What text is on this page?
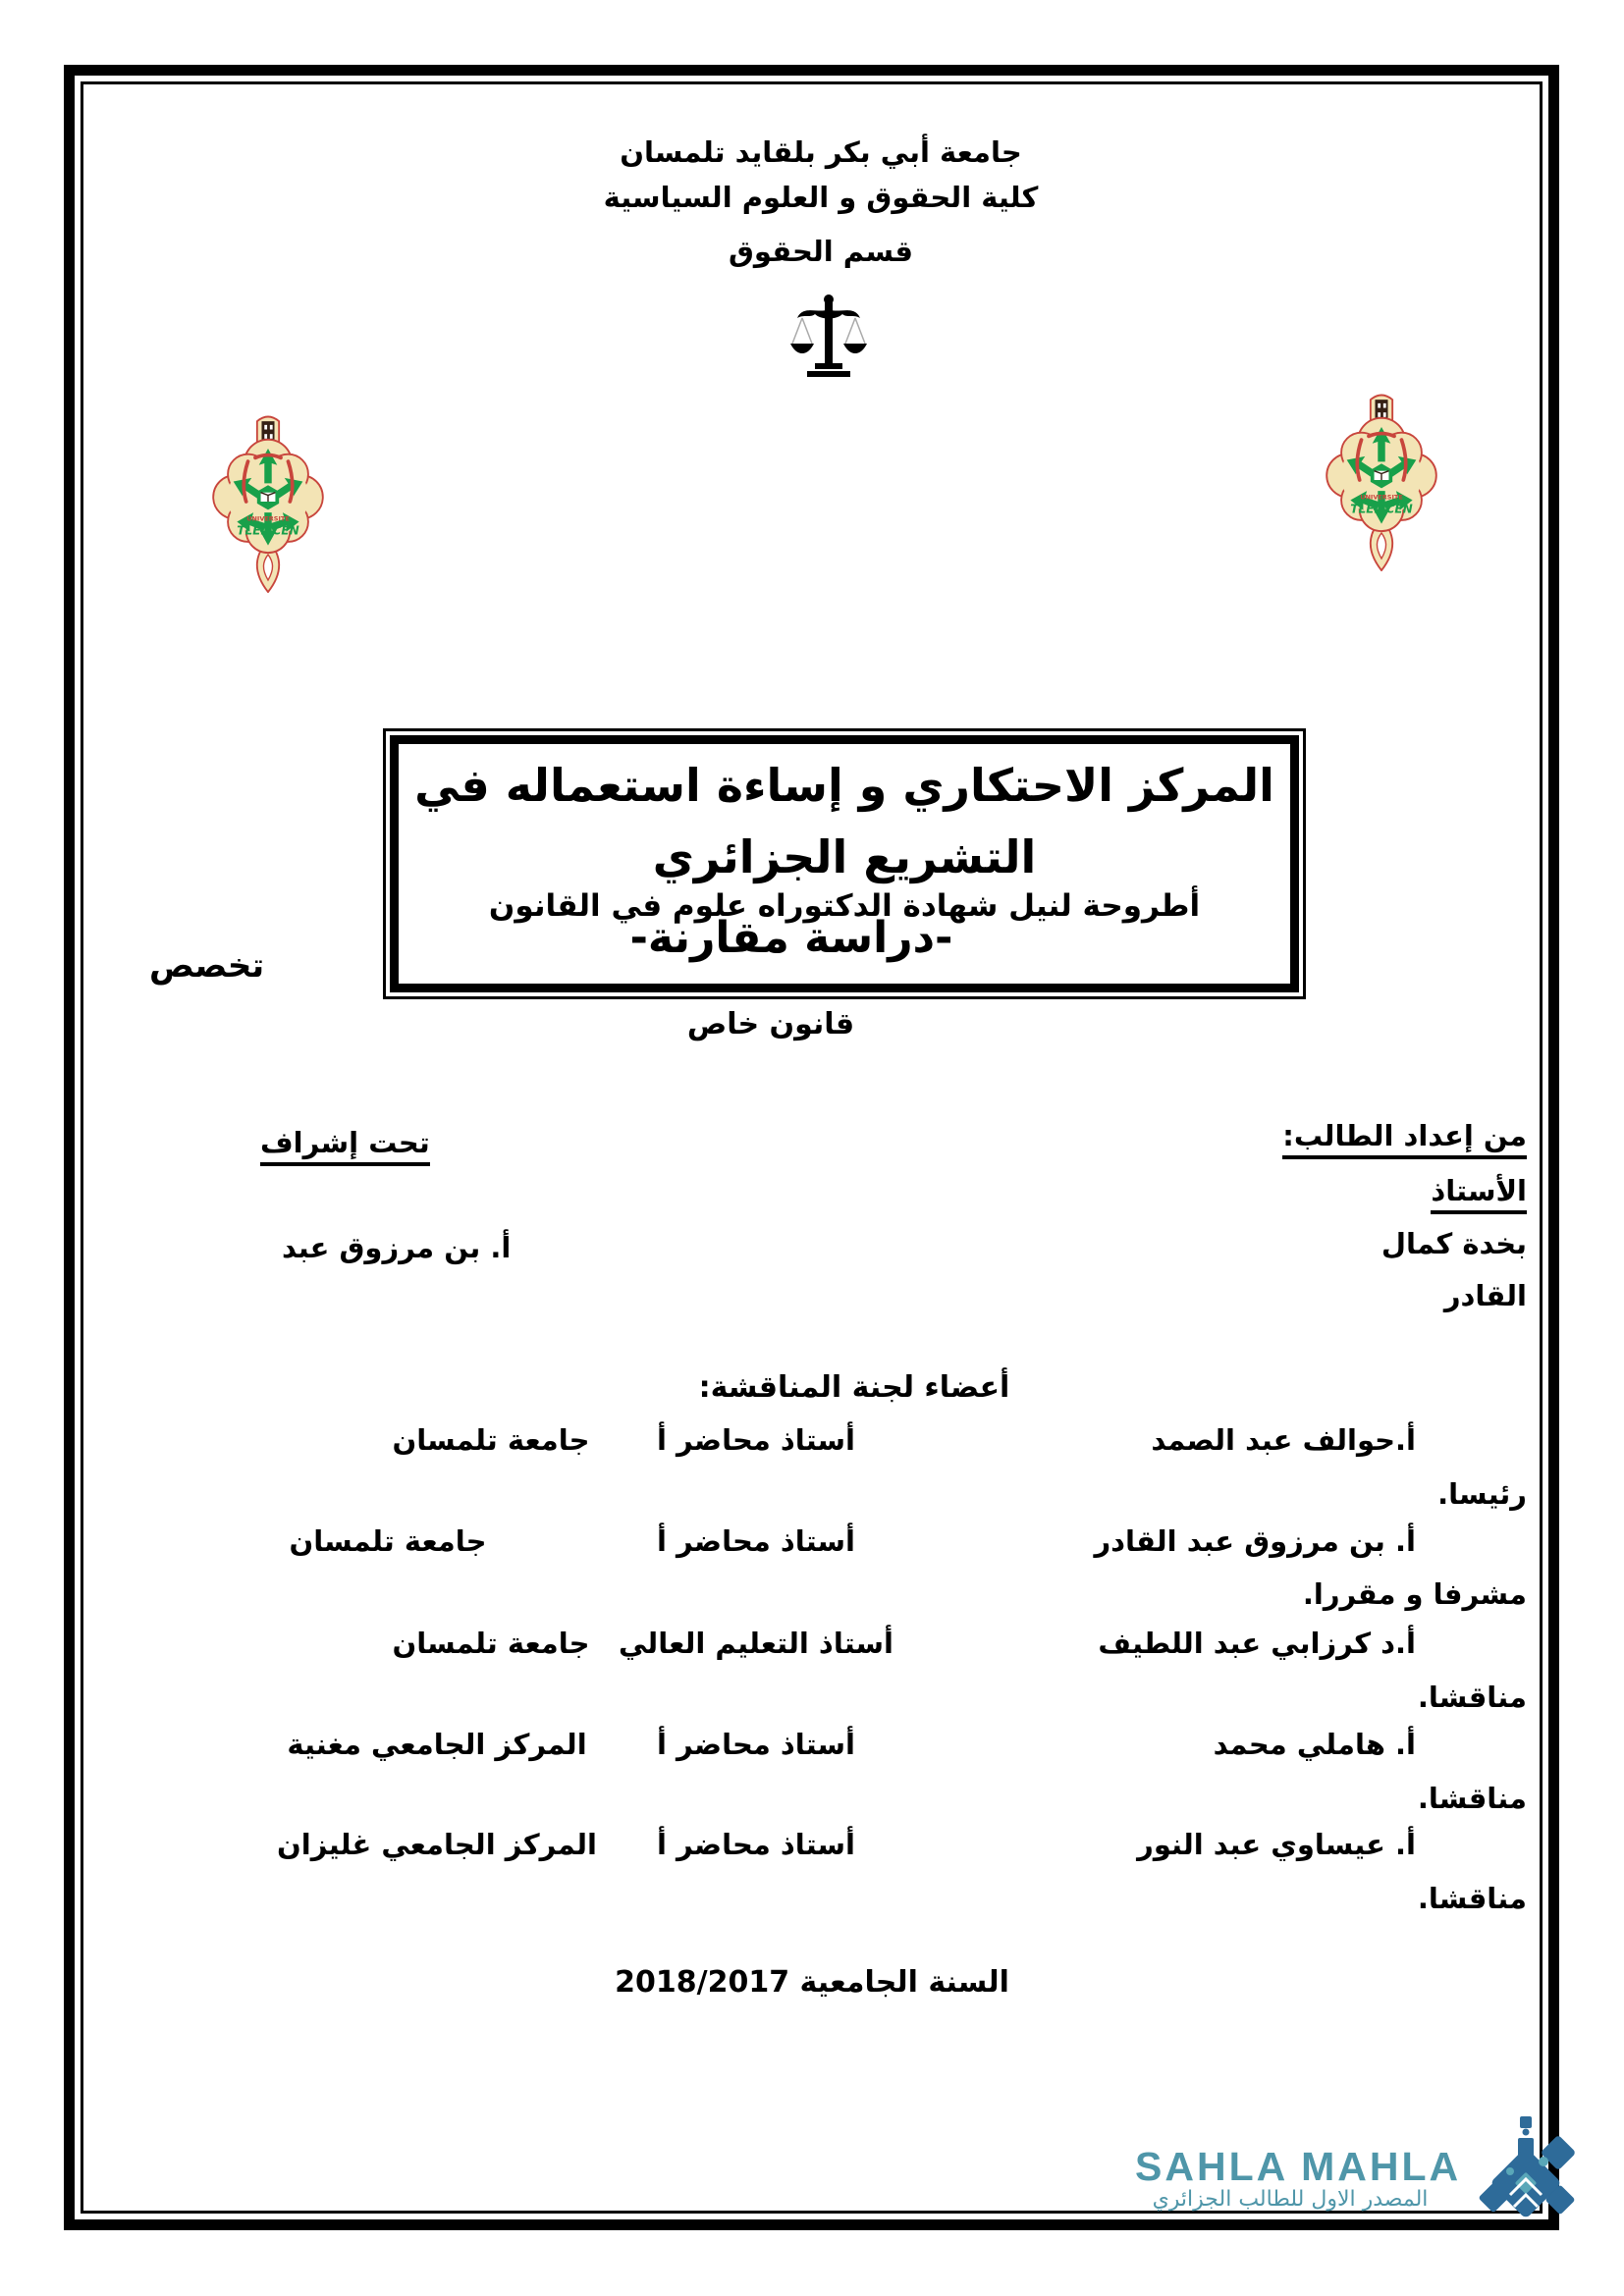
جامعة أبي بكر بلقايد تلمسان
كلية الحقوق و العلوم السياسية
قسم الحقوق
المركز الاحتكاري و إساءة استعماله في
التشريع الجزائري
أطروحة لنيل شهادة الدكتوراه علوم في القانون
-دراسة مقارنة-
تخصص
قانون خاص
من إعداد الطالب:
الأستاذ
بخدة كمال
القادر
تحت إشراف
أ. بن مرزوق عبد
أعضاء لجنة المناقشة:
أ.حوالف عبد الصمد
أستاذ محاضر أ
جامعة تلمسان
رئيسا.
أ. بن مرزوق عبد القادر
أستاذ محاضر أ
جامعة تلمسان
مشرفا و مقررا.
أ.د كرزابي عبد اللطيف
أستاذ التعليم العالي
جامعة تلمسان
مناقشا.
أ. هاملي محمد
أستاذ محاضر أ
المركز الجامعي مغنية
مناقشا.
أ. عيساوي عبد النور
أستاذ محاضر أ
المركز الجامعي غليزان
مناقشا.
السنة الجامعية 2018/2017
SAHLA MAHLA
المصدر الاول للطالب الجزائري
